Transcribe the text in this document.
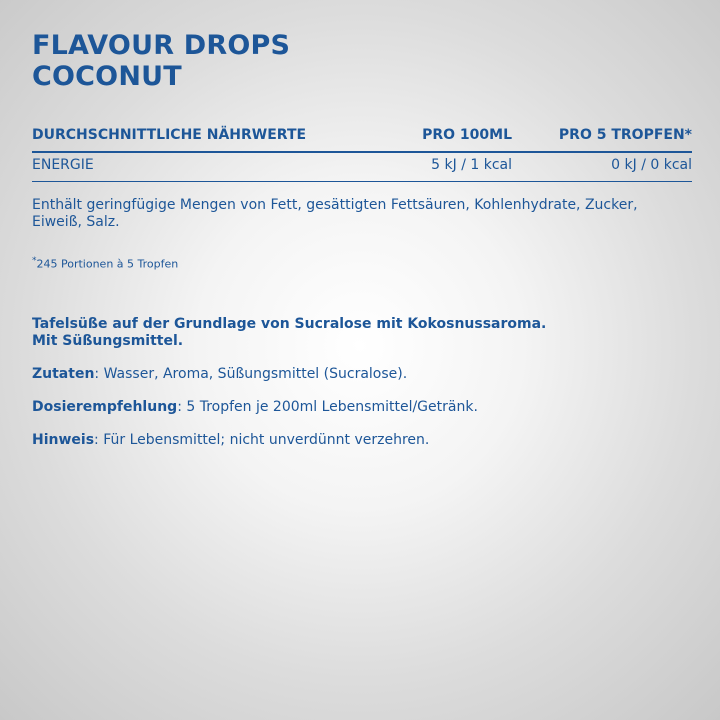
FLAVOUR DROPS
COCONUT
DURCHSCHNITTLICHE NÄHRWERTE	PRO 100ML	PRO 5 TROPFEN*
ENERGIE	5 kJ / 1 kcal	0 kJ / 0 kcal

Enthält geringfügige Mengen von Fett, gesättigten Fettsäuren, Kohlenhydrate, Zucker, Eiweiß, Salz.

*245 Portionen à 5 Tropfen

Tafelsüße auf der Grundlage von Sucralose mit Kokosnussaroma.
Mit Süßungsmittel.

Zutaten: Wasser, Aroma, Süßungsmittel (Sucralose).

Dosierempfehlung: 5 Tropfen je 200ml Lebensmittel/Getränk.

Hinweis: Für Lebensmittel; nicht unverdünnt verzehren.
